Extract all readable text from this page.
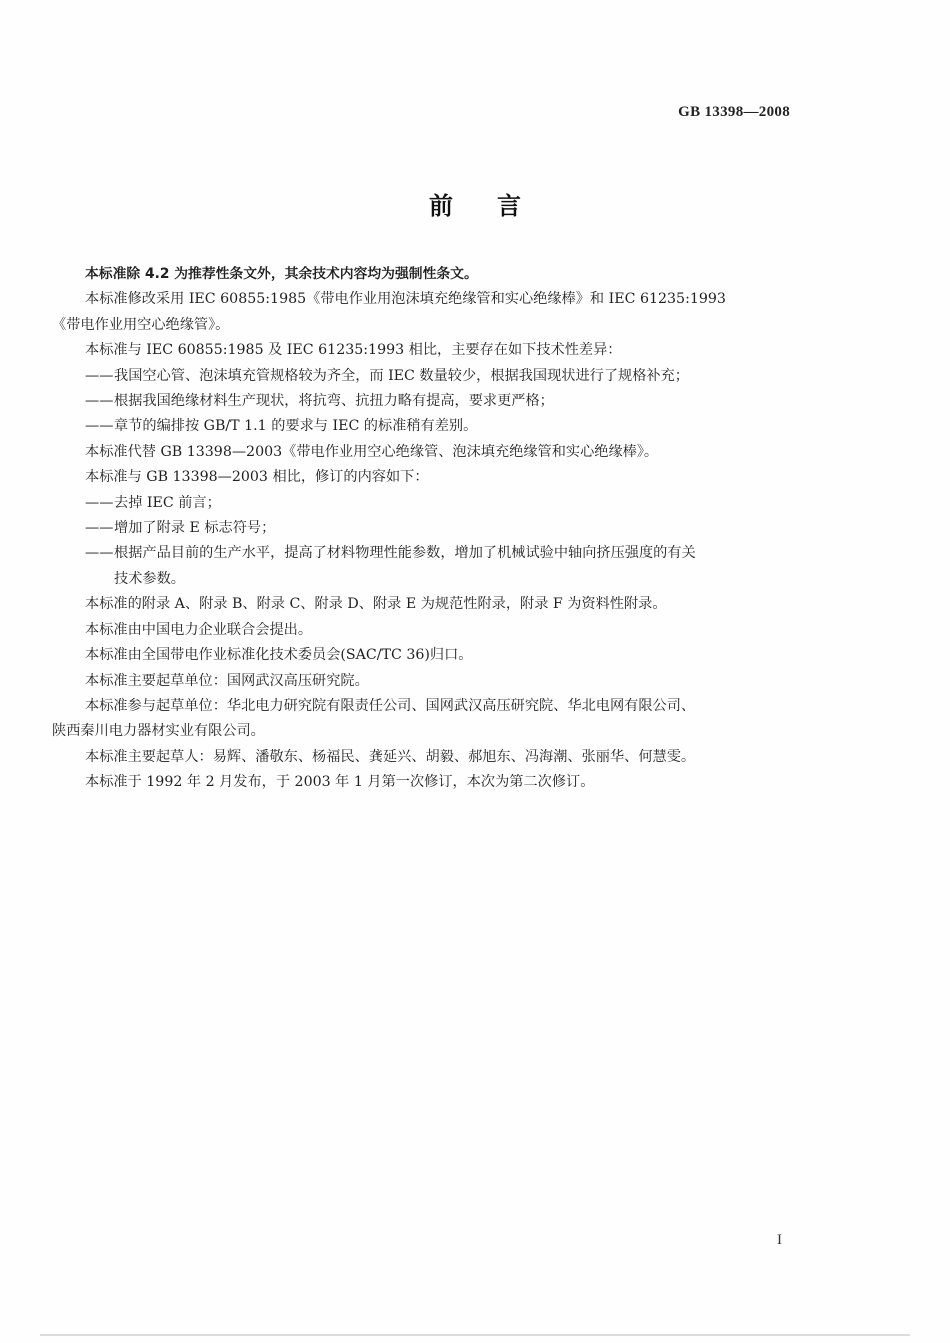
GB 13398—2008
前言

本标准除 4.2 为推荐性条文外，其余技术内容均为强制性条文。

本标准修改采用 IEC 60855:1985《带电作业用泡沫填充绝缘管和实心绝缘棒》和 IEC 61235:1993

《带电作业用空心绝缘管》。

本标准与 IEC 60855:1985 及 IEC 61235:1993 相比，主要存在如下技术性差异：

——我国空心管、泡沫填充管规格较为齐全，而 IEC 数量较少，根据我国现状进行了规格补充；

——根据我国绝缘材料生产现状，将抗弯、抗扭力略有提高，要求更严格；

——章节的编排按 GB/T 1.1 的要求与 IEC 的标准稍有差别。

本标准代替 GB 13398—2003《带电作业用空心绝缘管、泡沫填充绝缘管和实心绝缘棒》。

本标准与 GB 13398—2003 相比，修订的内容如下：

——去掉 IEC 前言；

——增加了附录 E 标志符号；

——根据产品目前的生产水平，提高了材料物理性能参数，增加了机械试验中轴向挤压强度的有关

技术参数。

本标准的附录 A、附录 B、附录 C、附录 D、附录 E 为规范性附录，附录 F 为资料性附录。

本标准由中国电力企业联合会提出。

本标准由全国带电作业标准化技术委员会(SAC/TC 36)归口。

本标准主要起草单位：国网武汉高压研究院。

本标准参与起草单位：华北电力研究院有限责任公司、国网武汉高压研究院、华北电网有限公司、

陕西秦川电力器材实业有限公司。

本标准主要起草人：易辉、潘敬东、杨福民、龚延兴、胡毅、郝旭东、冯海潮、张丽华、何慧雯。

本标准于 1992 年 2 月发布，于 2003 年 1 月第一次修订，本次为第二次修订。

I
